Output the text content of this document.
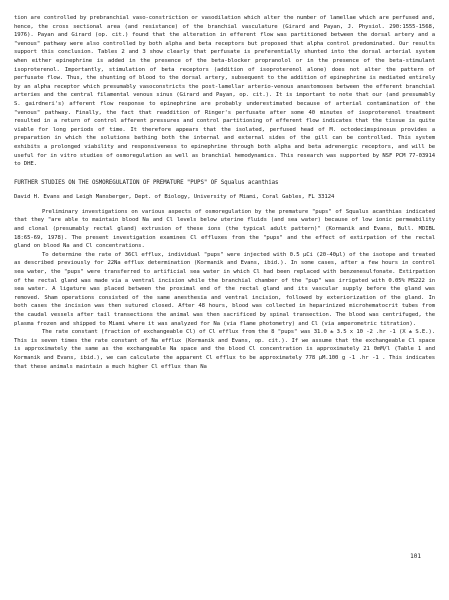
tion are controlled by prebranchial vaso-constriction or vasodilation which alter the number of lamellae which are perfused and, hence, the cross sectional area (and resistance) of the branchial vasculature (Girard and Payan, J. Physiol. 290:1555-1568, 1976). Payan and Girard (op. cit.) found that the alteration in efferent flow was partitioned between the dorsal artery and a "venous" pathway were also controlled by both alpha and beta receptors but proposed that alpha control predominated. Our results support this conclusion. Tables 2 and 3 show clearly that perfusate is preferentially shunted into the dorsal arterial system when either epinephrine is added in the presence of the beta-blocker propranolol or in the presence of the beta-stimulant isoproterenol. Importantly, stimulation of beta receptors (addition of isoproterenol alone) does not alter the pattern of perfusate flow. Thus, the shunting of blood to the dorsal artery, subsequent to the addition of epinephrine is mediated entirely by an alpha receptor which presumably vasoconstricts the post-lamellar arterio-venous anastomoses between the efferent branchial arteries and the central filamental venous sinus (Girard and Payan, op. cit.). It is important to note that our (and presumably S. gairdneri's) afferent flow response to epinephrine are probably underestimated because of arterial contamination of the "venous" pathway. Finally, the fact that readdition of Ringer's perfusate after some 40 minutes of isoproterenol treatment resulted in a return of control afferent pressures and control partitioning of efferent flow indicates that the tissue is quite viable for long periods of time. It therefore appears that the isolated, perfused head of M. octodecimspinosus provides a preparation in which the solutions bathing both the internal and external sides of the gill can be controlled. This system exhibits a prolonged viability and responsiveness to epinephrine through both alpha and beta adrenergic receptors, and will be useful for in vitro studies of osmoregulation as well as branchial hemodynamics. This research was supported by NSF PCM 77-03914 to DHE.

FURTHER STUDIES ON THE OSMOREGULATION OF PREMATURE "PUPS" OF Squalus acanthias

David H. Evans and Leigh Mansberger, Dept. of Biology, University of Miami, Coral Gables, FL 33124

Preliminary investigations on various aspects of osmoregulation by the premature "pups" of Squalus acanthias indicated that they "are able to maintain blood Na and Cl levels below uterine fluids (and sea water) because of low ionic permeability and clonal (presumably rectal gland) extrusion of these ions (the typical adult pattern)" (Kormanik and Evans, Bull. MDIBL 18:65-69, 1978). The present investigation examines Cl effluxes from the "pups" and the effect of extirpation of the rectal gland on blood Na and Cl concentrations.

To determine the rate of 36Cl efflux, individual "pups" were injected with 0.5 µCi (20-40µl) of the isotope and treated as described previously for 22Na efflux determination (Kormanik and Evans, ibid.). In some cases, after a few hours in control sea water, the "pups" were transferred to artificial sea water in which Cl had been replaced with benzenesulfonate. Extirpation of the rectal gland was made via a ventral incision while the branchial chamber of the "pup" was irrigated with 0.05% MS222 in sea water. A ligature was placed between the proximal end of the rectal gland and its vascular supply before the gland was removed. Sham operations consisted of the same anesthesia and ventral incision, followed by exteriorization of the gland. In both cases the incision was then sutured closed. After 48 hours, blood was collected in heparinized microhematocrit tubes from the caudal vessels after tail transections the animal was then sacrificed by spinal transection. The blood was centrifuged, the plasma frozen and shipped to Miami where it was analyzed for Na (via flame photometry) and Cl (via amperometric titration).

The rate constant (fraction of exchangeable Cl) of Cl efflux from the 8 "pups" was 31.0 ± 3.5 x 10 -2 .hr -1 (X ± S.E.). This is seven times the rate constant of Na efflux (Kormanik and Evans, op. cit.). If we assume that the exchangeable Cl space is approximately the same as the exchangeable Na space and the blood Cl concentration is approximately 21 0mM/l (Table 1 and Kormanik and Evans, ibid.), we can calculate the apparent Cl efflux to be approximately 778 µM.100 g -1 .hr -1 . This indicates that these animals maintain a much higher Cl efflux than Na

101
